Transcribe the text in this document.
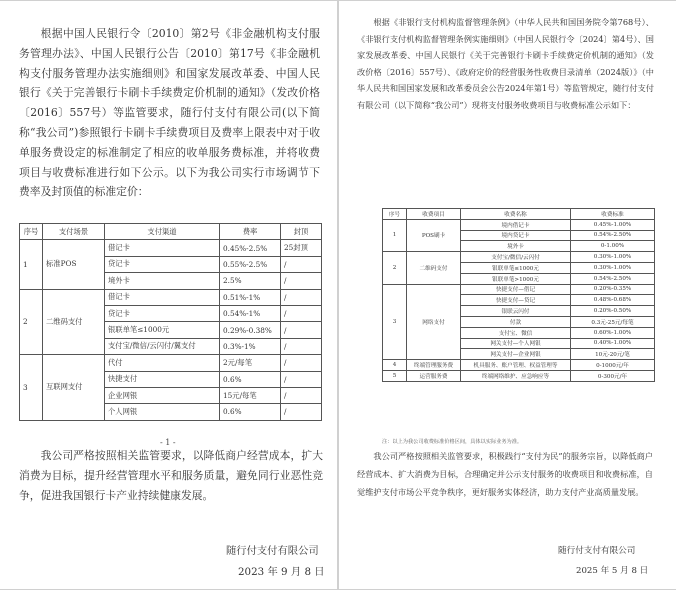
根据中国人民银行令〔2010〕第2号《非金融机构支付服务管理办法》、中国人民银行公告〔2010〕第17号《非金融机构支付服务管理办法实施细则》和国家发展改革委、中国人民银行《关于完善银行卡刷卡手续费定价机制的通知》（发改价格〔2016〕557号）等监管要求，随行付支付有限公司(以下简称“我公司”)参照银行卡刷卡手续费项目及费率上限表中对于收单服务费设定的标准制定了相应的收单服务费标准，并将收费项目与收费标准进行如下公示。以下为我公司实行市场调节下费率及封顶值的标准定价：

序号	支付场景	支付渠道	费率	封顶
1	标准POS	借记卡	0.45%-2.5%	25封顶
		贷记卡	0.55%-2.5%	/
		境外卡	2.5%	/
2	二维码支付	借记卡	0.51%-1%	/
		贷记卡	0.54%-1%	/
		银联单笔≤1000元	0.29%-0.38%	/
		支付宝/微信/云闪付/翼支付	0.3%-1%	/
3	互联网支付	代付	2元/每笔	/
		快捷支付	0.6%	/
		企业网银	15元/每笔	/
		个人网银	0.6%	/
- 1 -

我公司严格按照相关监管要求，以降低商户经营成本，扩大消费为目标，提升经营管理水平和服务质量，避免同行业恶性竞争，促进我国银行卡产业持续健康发展。

随行付支付有限公司

2023 年 9 月 8 日

根据《非银行支付机构监督管理条例》（中华人民共和国国务院令第768号）、《非银行支付机构监督管理条例实施细则》（中国人民银行令〔2024〕第4号）、国家发展改革委、中国人民银行《关于完善银行卡刷卡手续费定价机制的通知》（发改价格〔2016〕557号）、《政府定价的经营服务性收费目录清单（2024版）》（中华人民共和国国家发展和改革委员会公告2024年第1号）等监管规定，随行付支付有限公司（以下简称“我公司”）现将支付服务收费项目与收费标准公示如下：

序号	收费项目	收费名称	收费标准
1	POS刷卡	境内借记卡	0.45%-1.00%
		境内贷记卡	0.54%-2.50%
		境外卡	0-1.00%
2	二维码支付	支付宝/微信/云闪付	0.30%-1.00%
		银联单笔≤1000元	0.30%-1.00%
		银联单笔>1000元	0.54%-2.50%
3	网络支付	快捷支付—借记	0.20%-0.35%
		快捷支付—贷记	0.48%-0.68%
		银联云闪付	0.20%-0.50%
		付款	0.3元-25元/每笔
		支付宝、微信	0.60%-1.00%
		网关支付—个人网银	0.40%-1.00%
		网关支付—企业网银	10元-20元/笔
4	终端管理服务费	机具服务、账户管理、权益管理等	0-1000元/年
5	运营服务费	终端网络维护、应急响应等	0-300元/年
注：以上为我公司收费标准价格区间，具体以实际业务为准。

我公司严格按照相关监管要求，积极践行“支付为民”的服务宗旨，以降低商户经营成本、扩大消费为目标，合理确定并公示支付服务的收费项目和收费标准，自觉维护支付市场公平竞争秩序，更好服务实体经济，助力支付产业高质量发展。

随行付支付有限公司

2025 年 5 月 8 日
